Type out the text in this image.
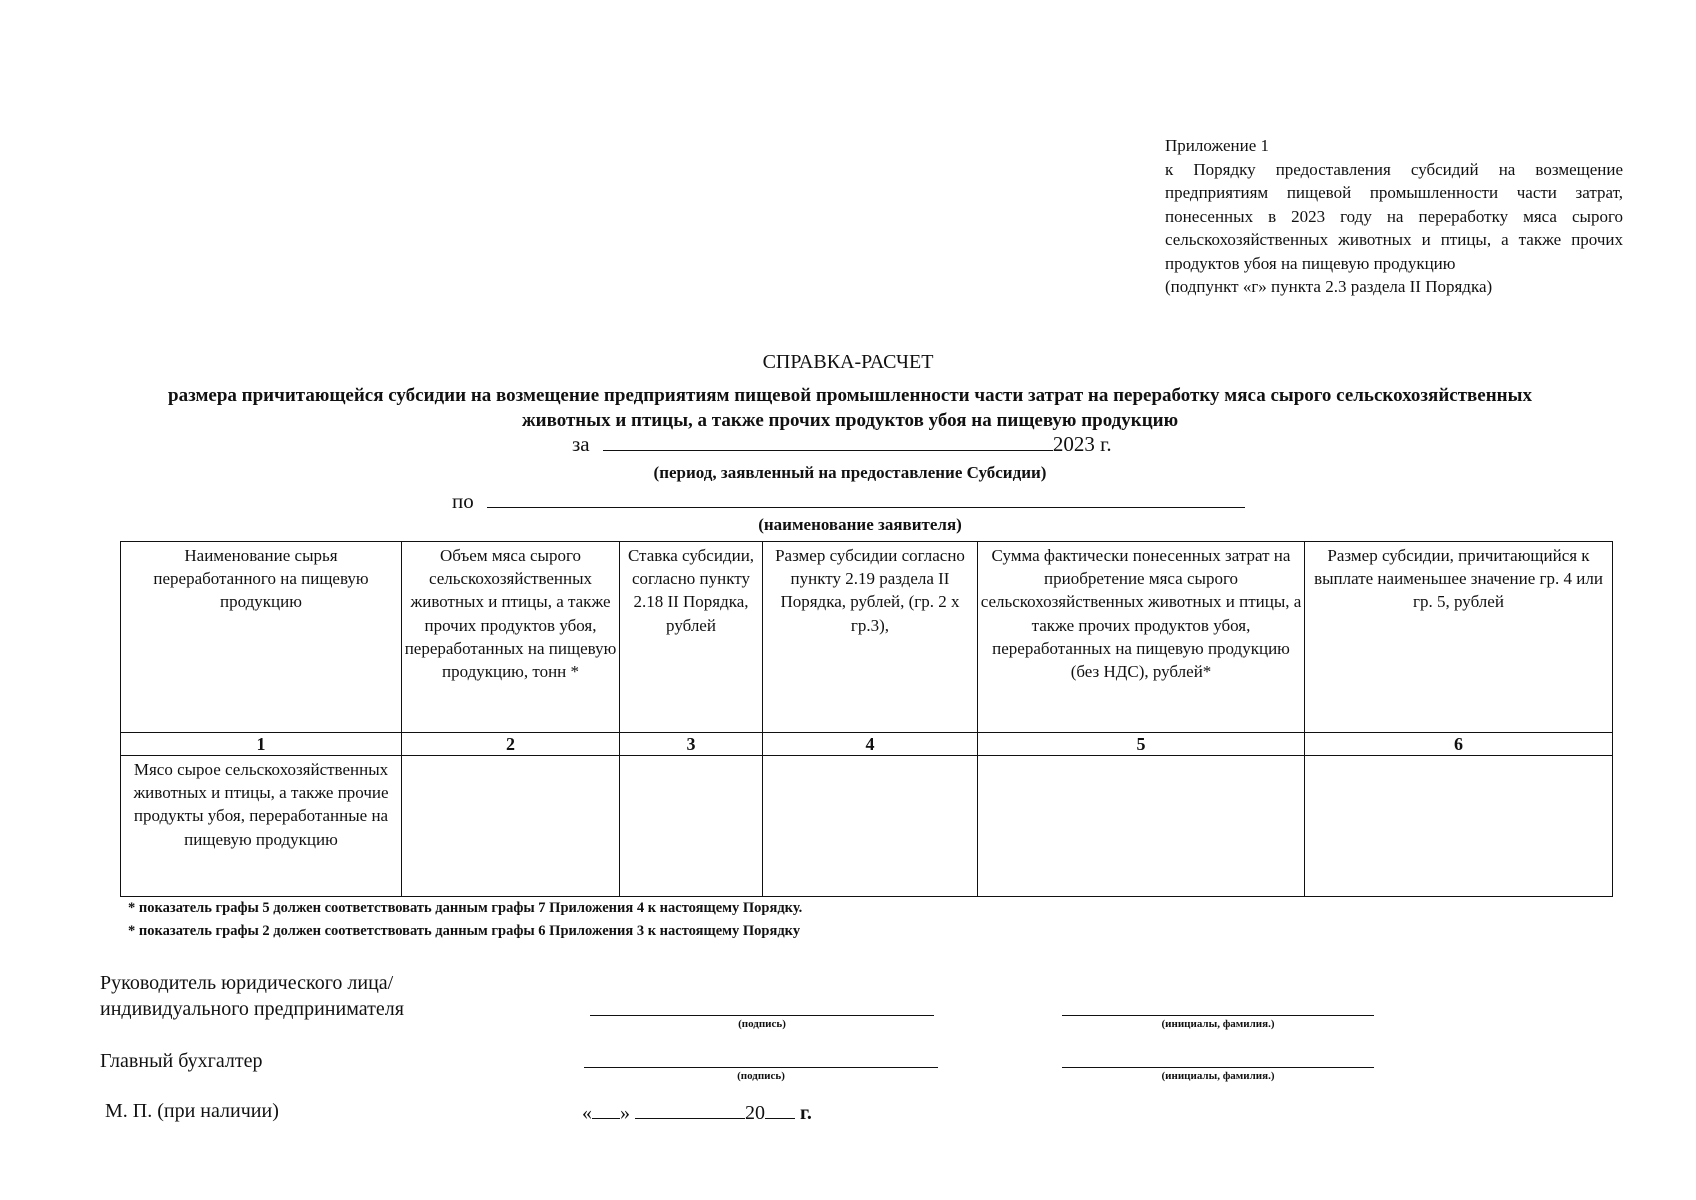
Приложение 1
к Порядку предоставления субсидий на возмещение предприятиям пищевой промышленности части затрат, понесенных в 2023 году на переработку мяса сырого сельскохозяйственных животных и птицы, а также прочих продуктов убоя на пищевую продукцию
(подпункт «г» пункта 2.3 раздела II Порядка)
СПРАВКА-РАСЧЕТ
размера причитающейся субсидии на возмещение предприятиям пищевой промышленности части затрат на переработку мяса сырого сельскохозяйственных
животных и птицы, а также прочих продуктов убоя на пищевую продукцию
за	2023 г.
(период, заявленный на предоставление Субсидии)
по
(наименование заявителя)
Наименование сырья переработанного на пищевую продукцию	Объем мяса сырого сельскохозяйственных животных и птицы, а также прочих продуктов убоя, переработанных на пищевую продукцию, тонн *	Ставка субсидии, согласно пункту 2.18 II Порядка, рублей	Размер субсидии согласно пункту 2.19 раздела II Порядка, рублей, (гр. 2 х гр.3),	Сумма фактически понесенных затрат на приобретение мяса сырого сельскохозяйственных животных и птицы, а также прочих продуктов убоя, переработанных на пищевую продукцию (без НДС), рублей*	Размер субсидии, причитающийся к выплате наименьшее значение гр. 4 или гр. 5, рублей
1	2	3	4	5	6
Мясо сырое сельскохозяйственных животных и птицы, а также прочие продукты убоя, переработанные на пищевую продукцию					
* показатель графы 5 должен соответствовать данным графы 7 Приложения 4 к настоящему Порядку.
* показатель графы 2 должен соответствовать данным графы 6 Приложения 3 к настоящему Порядку
Руководитель юридического лица/
индивидуального предпринимателя
(подпись)	(инициалы, фамилия.)
Главный бухгалтер
(подпись)	(инициалы, фамилия.)
М. П. (при наличии)	« »	20 г.
